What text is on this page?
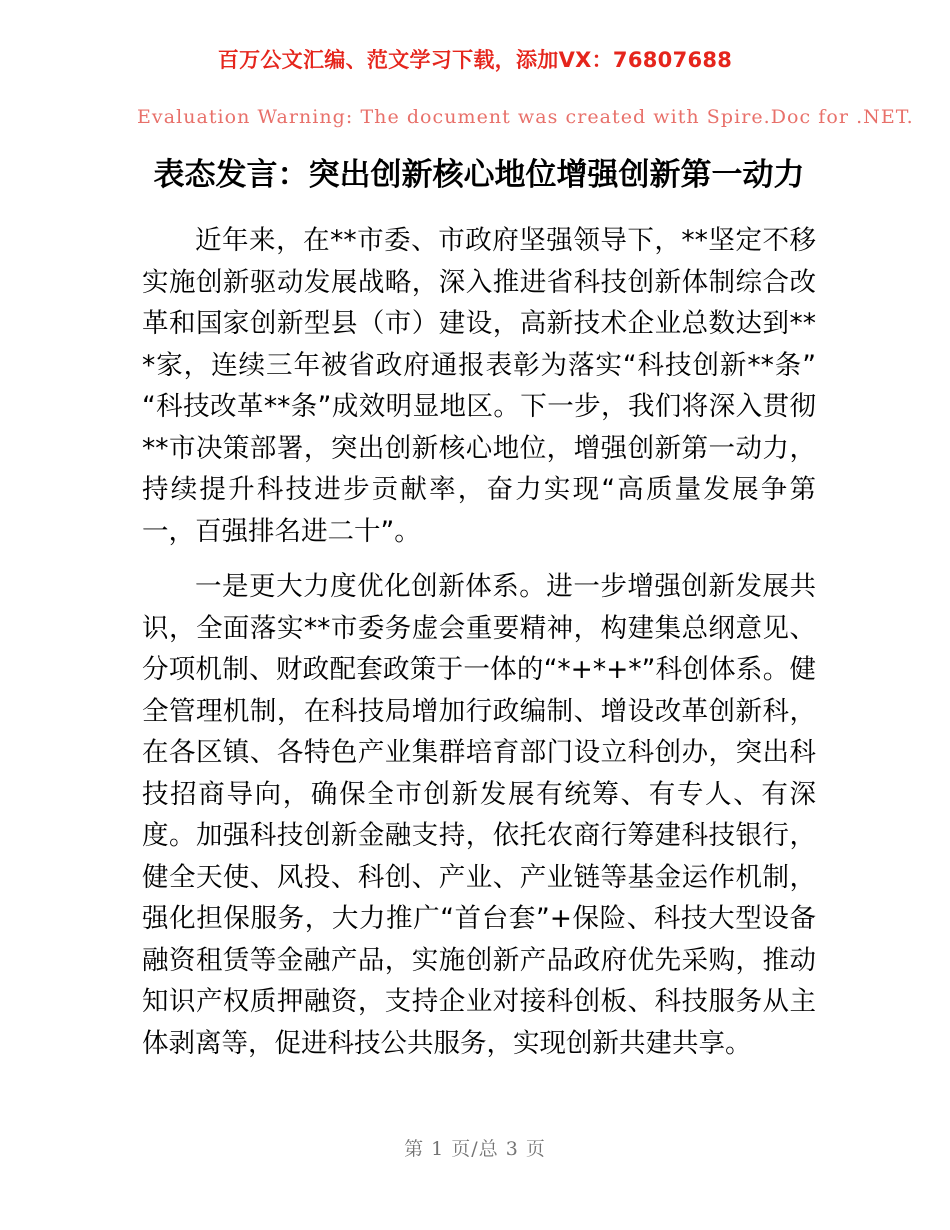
百万公文汇编、范文学习下载，添加VX：76807688
Evaluation Warning: The document was created with Spire.Doc for .NET.
表态发言：突出创新核心地位增强创新第一动力

近年来，在**市委、市政府坚强领导下，**坚定不移实施创新驱动发展战略，深入推进省科技创新体制综合改革和国家创新型县（市）建设，高新技术企业总数达到***家，连续三年被省政府通报表彰为落实“科技创新**条”“科技改革**条”成效明显地区。下一步，我们将深入贯彻**市决策部署，突出创新核心地位，增强创新第一动力，持续提升科技进步贡献率，奋力实现“高质量发展争第一，百强排名进二十”。

一是更大力度优化创新体系。进一步增强创新发展共识，全面落实**市委务虚会重要精神，构建集总纲意见、分项机制、财政配套政策于一体的“*+*+*”科创体系。健全管理机制，在科技局增加行政编制、增设改革创新科，在各区镇、各特色产业集群培育部门设立科创办，突出科技招商导向，确保全市创新发展有统筹、有专人、有深度。加强科技创新金融支持，依托农商行筹建科技银行，健全天使、风投、科创、产业、产业链等基金运作机制，强化担保服务，大力推广“首台套”+保险、科技大型设备融资租赁等金融产品，实施创新产品政府优先采购，推动知识产权质押融资，支持企业对接科创板、科技服务从主体剥离等，促进科技公共服务，实现创新共建共享。

第 1 页/总 3 页
